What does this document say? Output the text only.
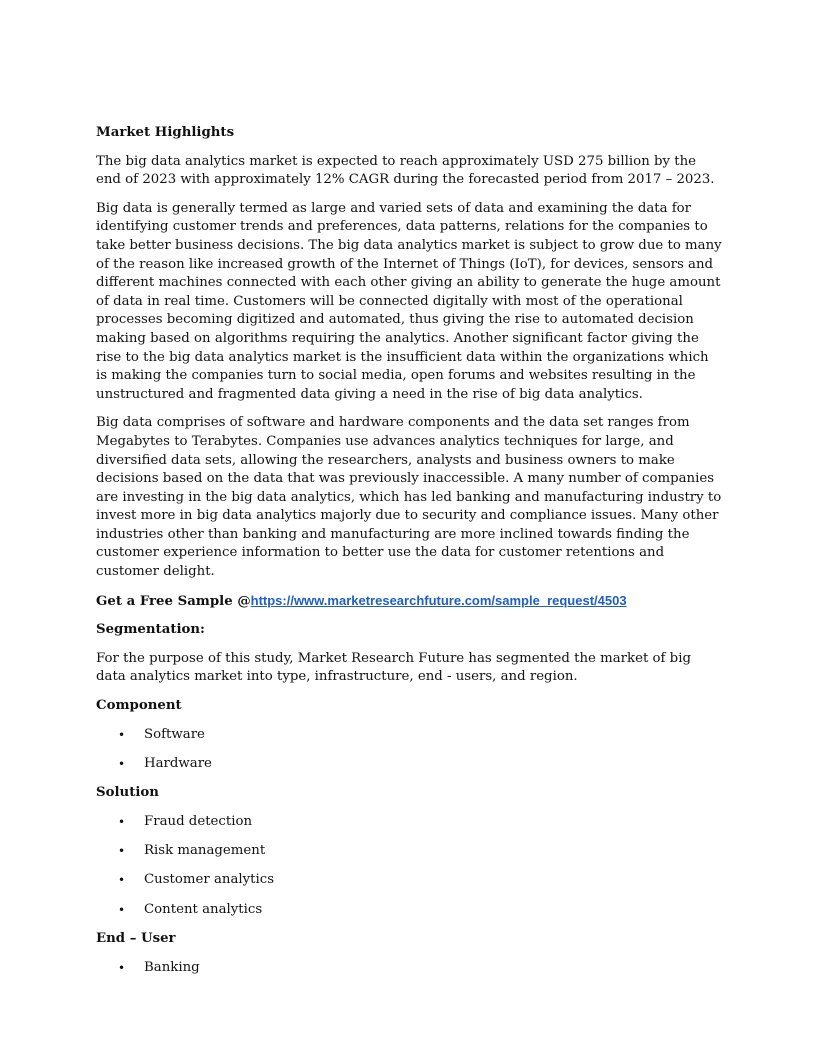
Market Highlights

The big data analytics market is expected to reach approximately USD 275 billion by the end of 2023 with approximately 12% CAGR during the forecasted period from 2017 – 2023.

Big data is generally termed as large and varied sets of data and examining the data for identifying customer trends and preferences, data patterns, relations for the companies to take better business decisions. The big data analytics market is subject to grow due to many of the reason like increased growth of the Internet of Things (IoT), for devices, sensors and different machines connected with each other giving an ability to generate the huge amount of data in real time. Customers will be connected digitally with most of the operational processes becoming digitized and automated, thus giving the rise to automated decision making based on algorithms requiring the analytics. Another significant factor giving the rise to the big data analytics market is the insufficient data within the organizations which is making the companies turn to social media, open forums and websites resulting in the unstructured and fragmented data giving a need in the rise of big data analytics.

Big data comprises of software and hardware components and the data set ranges from Megabytes to Terabytes. Companies use advances analytics techniques for large, and diversified data sets, allowing the researchers, analysts and business owners to make decisions based on the data that was previously inaccessible. A many number of companies are investing in the big data analytics, which has led banking and manufacturing industry to invest more in big data analytics majorly due to security and compliance issues. Many other industries other than banking and manufacturing are more inclined towards finding the customer experience information to better use the data for customer retentions and customer delight.

Get a Free Sample @https://www.marketresearchfuture.com/sample_request/4503
Segmentation:

For the purpose of this study, Market Research Future has segmented the market of big data analytics market into type, infrastructure, end - users, and region.

Component
• Software
• Hardware
Solution
• Fraud detection
• Risk management
• Customer analytics
• Content analytics
End – User
• Banking
